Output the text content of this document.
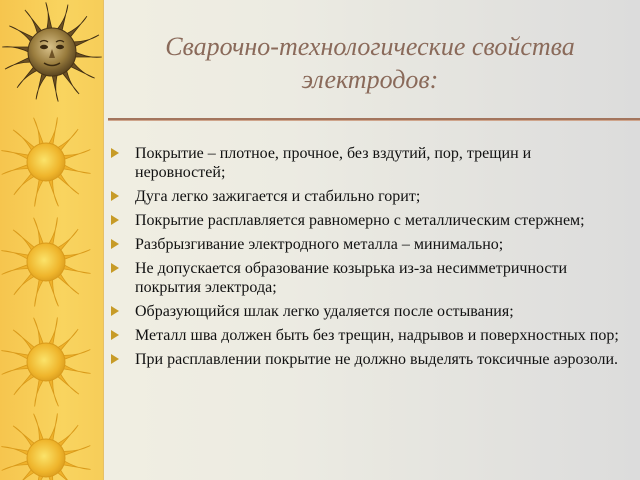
Сварочно-технологические свойства
электродов:
Покрытие – плотное, прочное, без вздутий, пор, трещин и неровностей;
Дуга легко зажигается и стабильно горит;
Покрытие расплавляется равномерно с металлическим стержнем;
Разбрызгивание электродного металла – минимально;
Не допускается образование козырька из-за несимметричности покрытия электрода;
Образующийся шлак легко удаляется после остывания;
Металл шва должен быть без трещин, надрывов и поверхностных пор;
При расплавлении покрытие не должно выделять токсичные аэрозоли.
